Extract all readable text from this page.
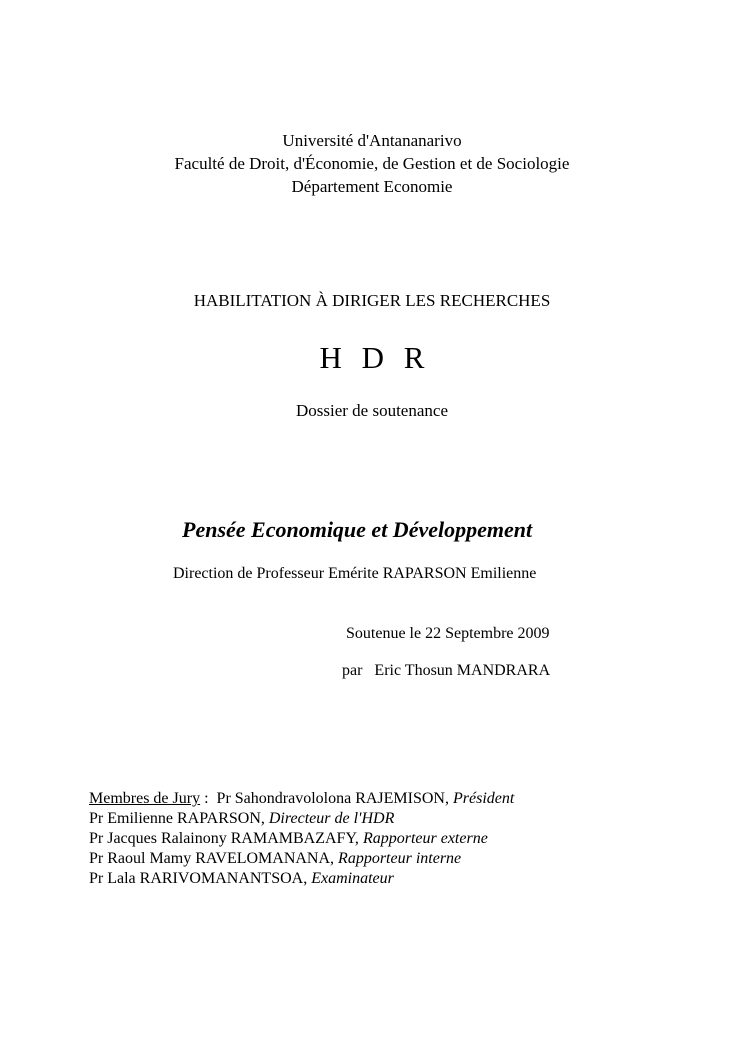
Université d'Antananarivo
Faculté de Droit, d'Économie, de Gestion et de Sociologie
Département Economie
HABILITATION À DIRIGER LES RECHERCHES
H D R
Dossier de soutenance
Pensée Economique et Développement
Direction de Professeur Emérite RAPARSON Emilienne
Soutenue le 22 Septembre 2009
par   Eric Thosun MANDRARA
Membres de Jury :  Pr Sahondravololona RAJEMISON, Président
Pr Emilienne RAPARSON, Directeur de l'HDR
Pr Jacques Ralainony RAMAMBAZAFY, Rapporteur externe
Pr Raoul Mamy RAVELOMANANA, Rapporteur interne
Pr Lala RARIVOMANANTSOA, Examinateur
